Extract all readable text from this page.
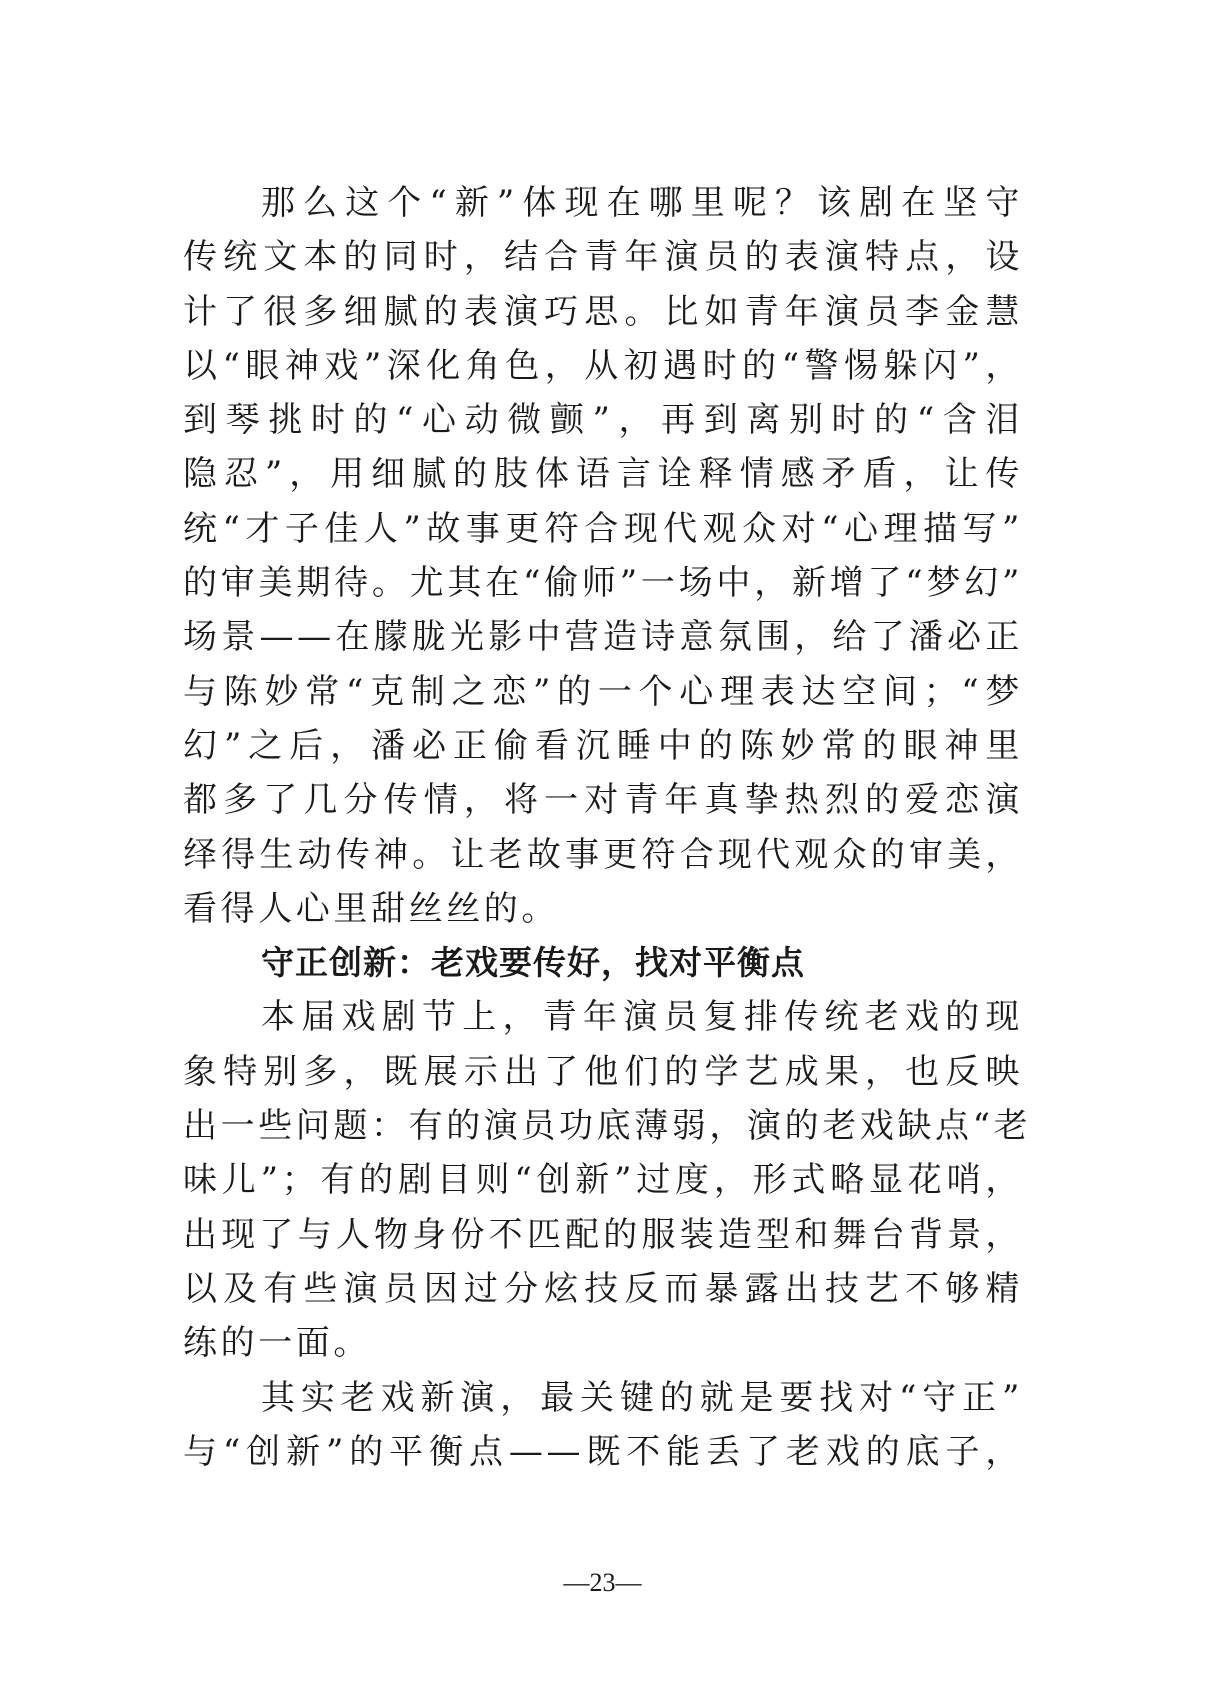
那么这个“新”体现在哪里呢？该剧在坚守
传统文本的同时，结合青年演员的表演特点，设
计了很多细腻的表演巧思。比如青年演员李金慧
以“眼神戏”深化角色，从初遇时的“警惕躲闪”，
到琴挑时的“心动微颤”，再到离别时的“含泪
隐忍”，用细腻的肢体语言诠释情感矛盾，让传
统“才子佳人”故事更符合现代观众对“心理描写”
的审美期待。尤其在“偷师”一场中，新增了“梦幻”
场景——在朦胧光影中营造诗意氛围，给了潘必正
与陈妙常“克制之恋”的一个心理表达空间；“梦
幻”之后，潘必正偷看沉睡中的陈妙常的眼神里
都多了几分传情，将一对青年真挚热烈的爱恋演
绎得生动传神。让老故事更符合现代观众的审美，
看得人心里甜丝丝的。
守正创新：老戏要传好，找对平衡点
本届戏剧节上，青年演员复排传统老戏的现
象特别多，既展示出了他们的学艺成果，也反映
出一些问题：有的演员功底薄弱，演的老戏缺点“老
味儿”；有的剧目则“创新”过度，形式略显花哨，
出现了与人物身份不匹配的服装造型和舞台背景，
以及有些演员因过分炫技反而暴露出技艺不够精
练的一面。
其实老戏新演，最关键的就是要找对“守正”
与“创新”的平衡点——既不能丢了老戏的底子，
—23—
